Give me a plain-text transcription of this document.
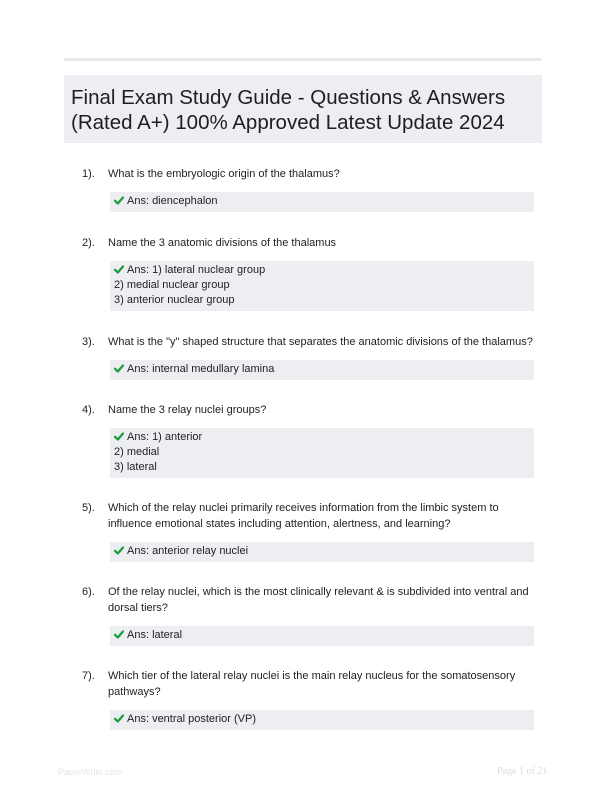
Final Exam Study Guide - Questions & Answers
(Rated A+) 100% Approved Latest Update 2024
1). What is the embryologic origin of the thalamus?
Ans: diencephalon
2). Name the 3 anatomic divisions of the thalamus
Ans: 1) lateral nuclear group
2) medial nuclear group
3) anterior nuclear group
3). What is the "y" shaped structure that separates the anatomic divisions of the thalamus?
Ans: internal medullary lamina
4). Name the 3 relay nuclei groups?
Ans: 1) anterior
2) medial
3) lateral
5). Which of the relay nuclei primarily receives information from the limbic system to influence emotional states including attention, alertness, and learning?
Ans: anterior relay nuclei
6). Of the relay nuclei, which is the most clinically relevant & is subdivided into ventral and dorsal tiers?
Ans: lateral
7). Which tier of the lateral relay nuclei is the main relay nucleus for the somatosensory pathways?
Ans: ventral posterior (VP)
PaperWrite.com	Page 1 of 21
